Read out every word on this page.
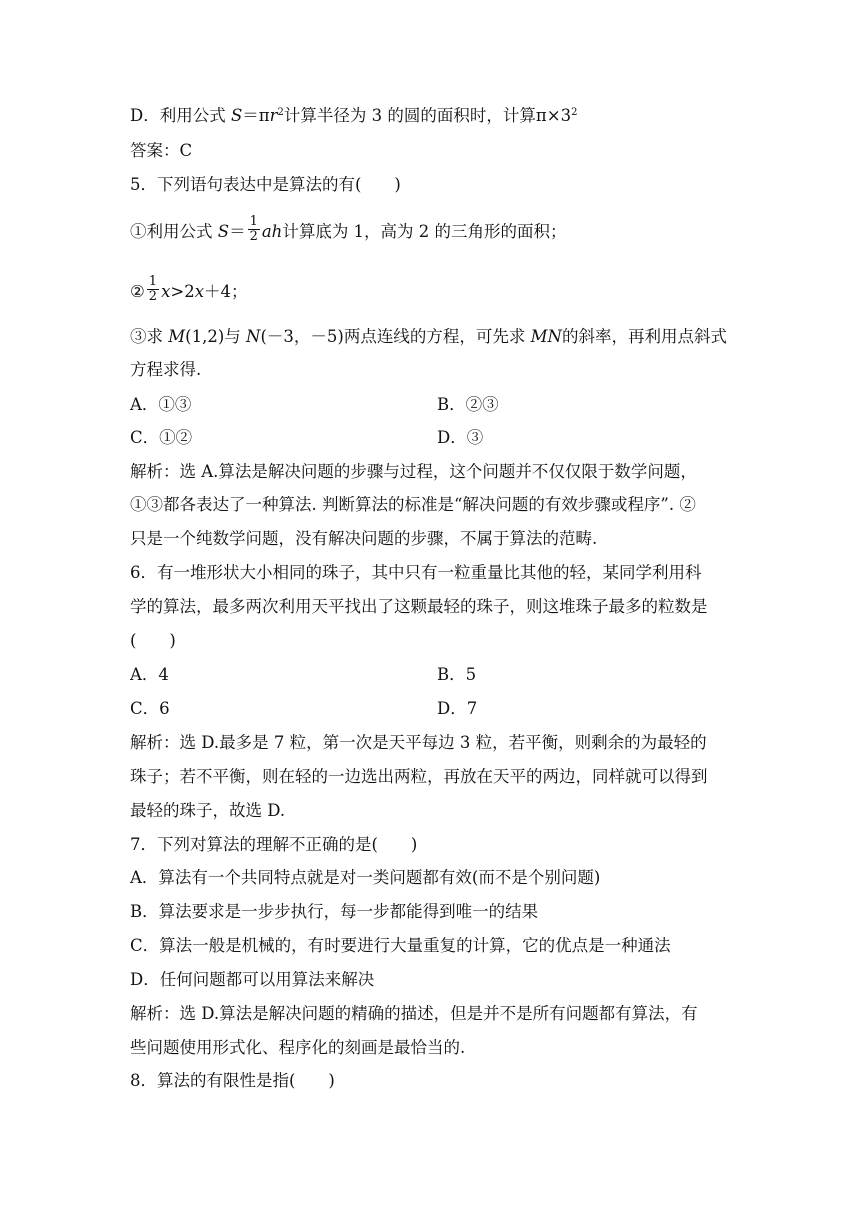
D．利用公式 $S=\pi r^2$计算半径为 3 的圆的面积时，计算$\pi\times 3^2$
答案：C
5．下列语句表达中是算法的有(　　)
①利用公式 $S= \frac{1}{2}$ ah计算底为 1，高为 2 的三角形的面积；
② $\frac{1}{2} x>2x+4$；
③求 M(1,2)与 N(－3，－5)两点连线的方程，可先求 MN的斜率，再利用点斜式
方程求得.
A．①③	B．②③
C．①②	D．③
解析：选 A.算法是解决问题的步骤与过程，这个问题并不仅仅限于数学问题，
①③都各表达了一种算法. 判断算法的标准是“解决问题的有效步骤或程序”. ②
只是一个纯数学问题，没有解决问题的步骤，不属于算法的范畴.
6．有一堆形状大小相同的珠子，其中只有一粒重量比其他的轻，某同学利用科
学的算法，最多两次利用天平找出了这颗最轻的珠子，则这堆珠子最多的粒数是
(　　)
A．4	B．5
C．6	D．7
解析：选 D.最多是 7 粒，第一次是天平每边 3 粒，若平衡，则剩余的为最轻的
珠子；若不平衡，则在轻的一边选出两粒，再放在天平的两边，同样就可以得到
最轻的珠子，故选 D.
7．下列对算法的理解不正确的是(　　)
A．算法有一个共同特点就是对一类问题都有效(而不是个别问题)
B．算法要求是一步步执行，每一步都能得到唯一的结果
C．算法一般是机械的，有时要进行大量重复的计算，它的优点是一种通法
D．任何问题都可以用算法来解决
解析：选 D.算法是解决问题的精确的描述，但是并不是所有问题都有算法，有
些问题使用形式化、程序化的刻画是最恰当的.
8．算法的有限性是指(　　)
